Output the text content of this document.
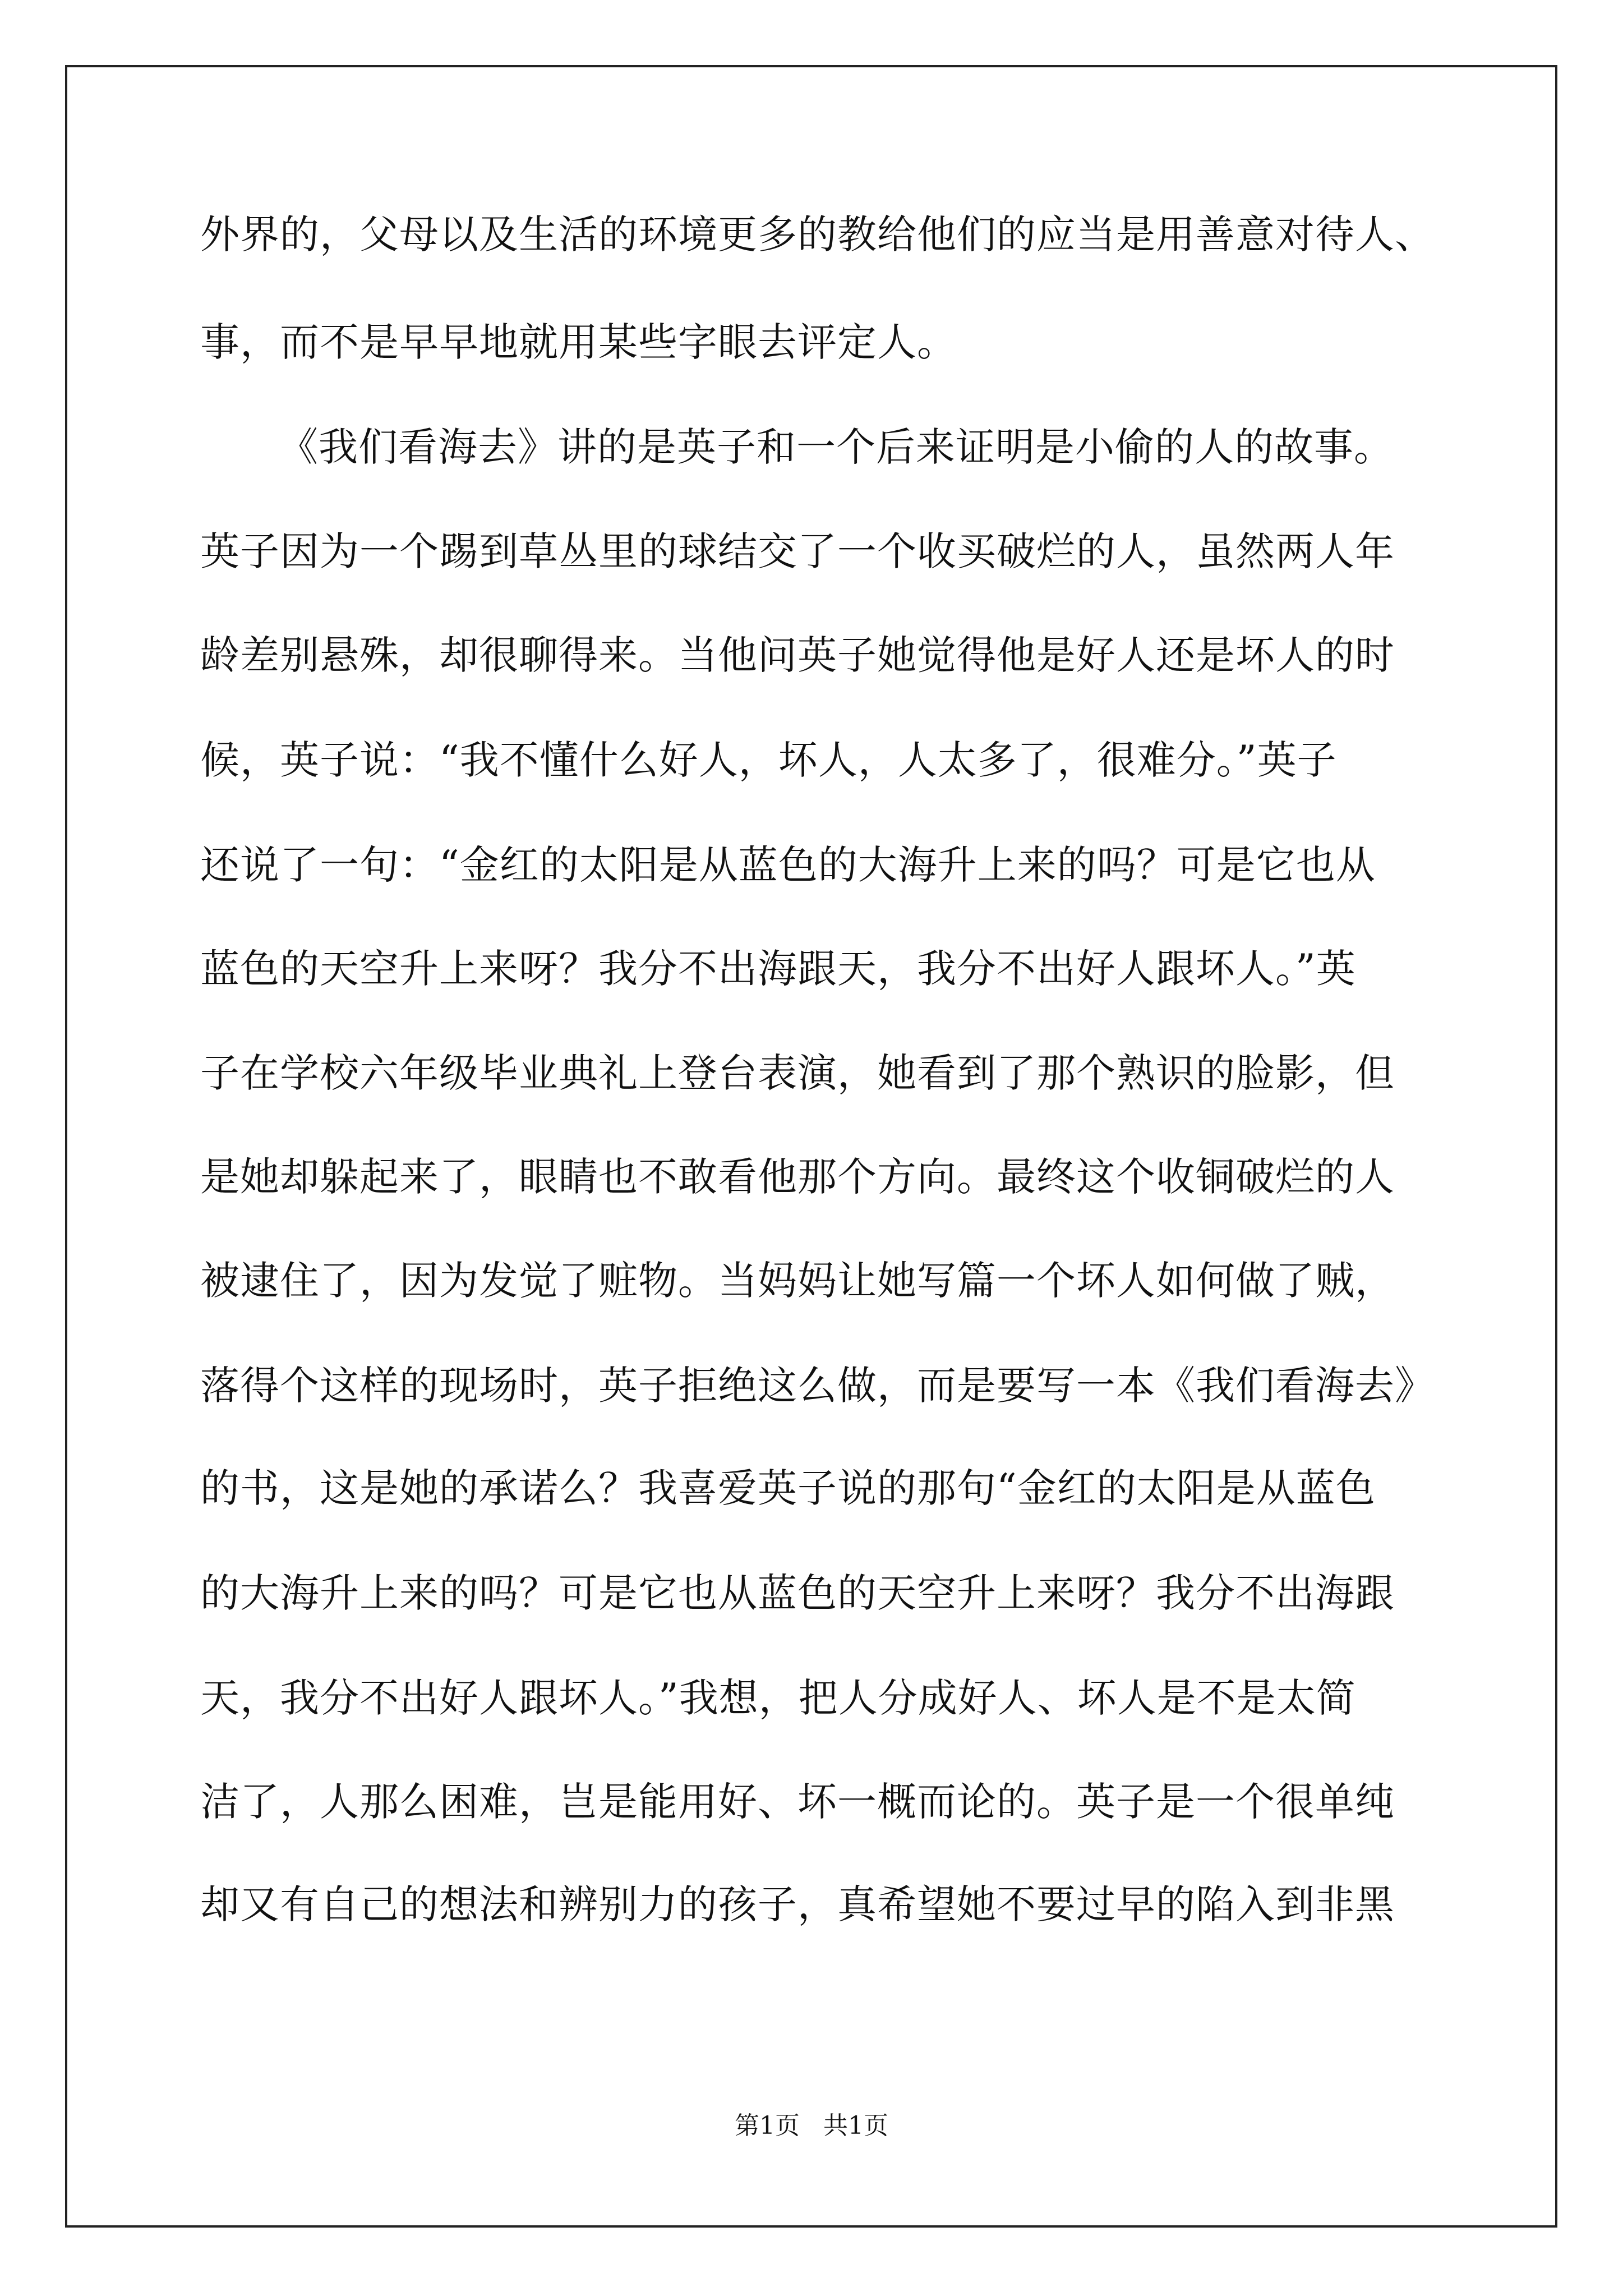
外界的，父母以及生活的环境更多的教给他们的应当是用善意对待人、
事，而不是早早地就用某些字眼去评定人。
《我们看海去》讲的是英子和一个后来证明是小偷的人的故事。
英子因为一个踢到草丛里的球结交了一个收买破烂的人，虽然两人年
龄差别悬殊，却很聊得来。当他问英子她觉得他是好人还是坏人的时
候，英子说：“我不懂什么好人，坏人，人太多了，很难分。”英子
还说了一句：“金红的太阳是从蓝色的大海升上来的吗？可是它也从
蓝色的天空升上来呀？我分不出海跟天，我分不出好人跟坏人。”英
子在学校六年级毕业典礼上登台表演，她看到了那个熟识的脸影，但
是她却躲起来了，眼睛也不敢看他那个方向。最终这个收铜破烂的人
被逮住了，因为发觉了赃物。当妈妈让她写篇一个坏人如何做了贼，
落得个这样的现场时，英子拒绝这么做，而是要写一本《我们看海去》
的书，这是她的承诺么？我喜爱英子说的那句“金红的太阳是从蓝色
的大海升上来的吗？可是它也从蓝色的天空升上来呀？我分不出海跟
天，我分不出好人跟坏人。”我想，把人分成好人、坏人是不是太简
洁了，人那么困难，岂是能用好、坏一概而论的。英子是一个很单纯
却又有自己的想法和辨别力的孩子，真希望她不要过早的陷入到非黑
第1页   共1页
